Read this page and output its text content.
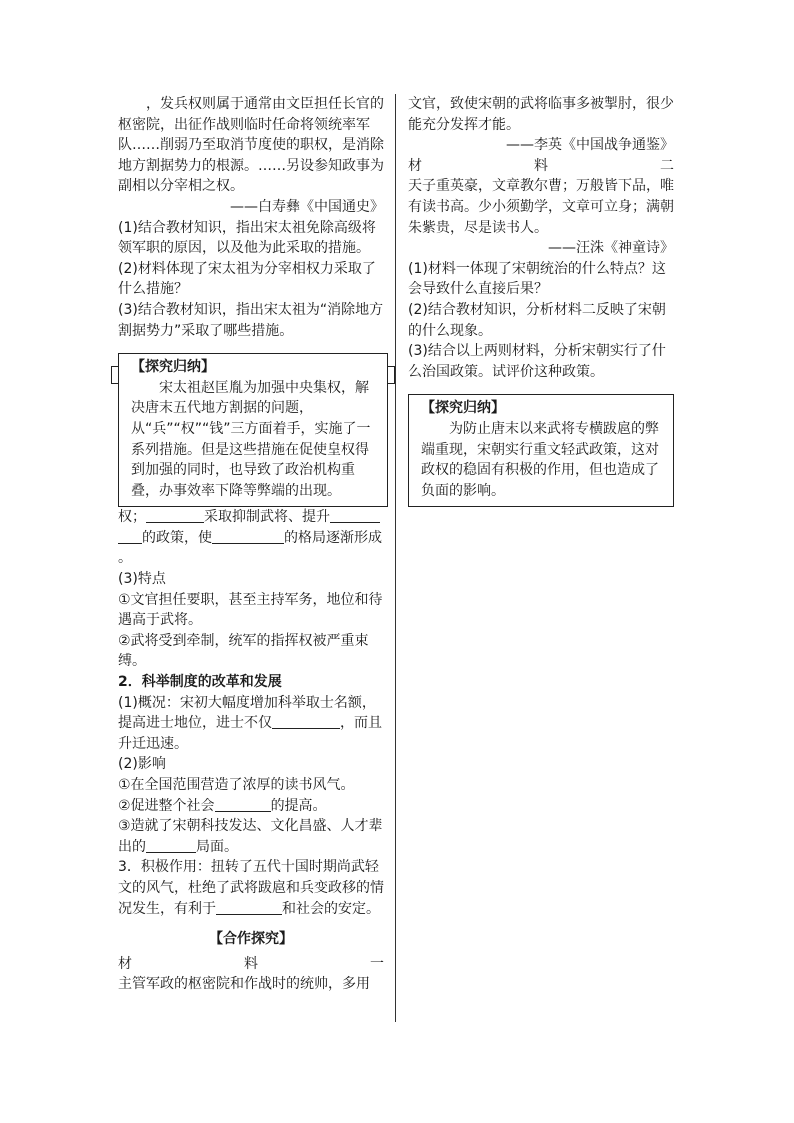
，发兵权则属于通常由文臣担任长官的枢密院，出征作战则临时任命将领统率军队……削弱乃至取消节度使的职权，是消除地方割据势力的根源。……另设参知政事为副相以分宰相之权。

——白寿彝《中国通史》

(1)结合教材知识，指出宋太祖免除高级将领军职的原因，以及他为此采取的措施。

(2)材料体现了宋太祖为分宰相权力采取了什么措施？

(3)结合教材知识，指出宋太祖为“消除地方割据势力”采取了哪些措施。

【探究归纳】

宋太祖赵匡胤为加强中央集权，解决唐末五代地方割据的问题，从“兵”“权”“钱”三方面着手，实施了一系列措施。但是这些措施在促使皇权得到加强的同时，也导致了政治机构重叠，办事效率下降等弊端的出现。

权；	采取抑制武将、提升
的政策，使	的格局逐渐形成
。

(3)特点

①文官担任要职，甚至主持军务，地位和待遇高于武将。

②武将受到牵制，统军的指挥权被严重束缚。

2．科举制度的改革和发展

(1)概况：宋初大幅度增加科举取士名额，提高进士地位，进士不仅	，而且升迁迅速。

(2)影响

①在全国范围营造了浓厚的读书风气。

②促进整个社会	的提高。

③造就了宋朝科技发达、文化昌盛、人才辈出的	局面。

3．积极作用：扭转了五代十国时期尚武轻文的风气，杜绝了武将跋扈和兵变政移的情况发生，有利于	和社会的安定。

【合作探究】

材	料	一

主管军政的枢密院和作战时的统帅，多用

文官，致使宋朝的武将临事多被掣肘，很少能充分发挥才能。

——李英《中国战争通鉴》

材	料	二

天子重英豪，文章教尔曹；万般皆下品，唯有读书高。少小须勤学，文章可立身；满朝朱紫贵，尽是读书人。

——汪洙《神童诗》

(1)材料一体现了宋朝统治的什么特点？这会导致什么直接后果？

(2)结合教材知识，分析材料二反映了宋朝的什么现象。

(3)结合以上两则材料，分析宋朝实行了什么治国政策。试评价这种政策。

【探究归纳】

为防止唐末以来武将专横跋扈的弊端重现，宋朝实行重文轻武政策，这对政权的稳固有积极的作用，但也造成了负面的影响。
